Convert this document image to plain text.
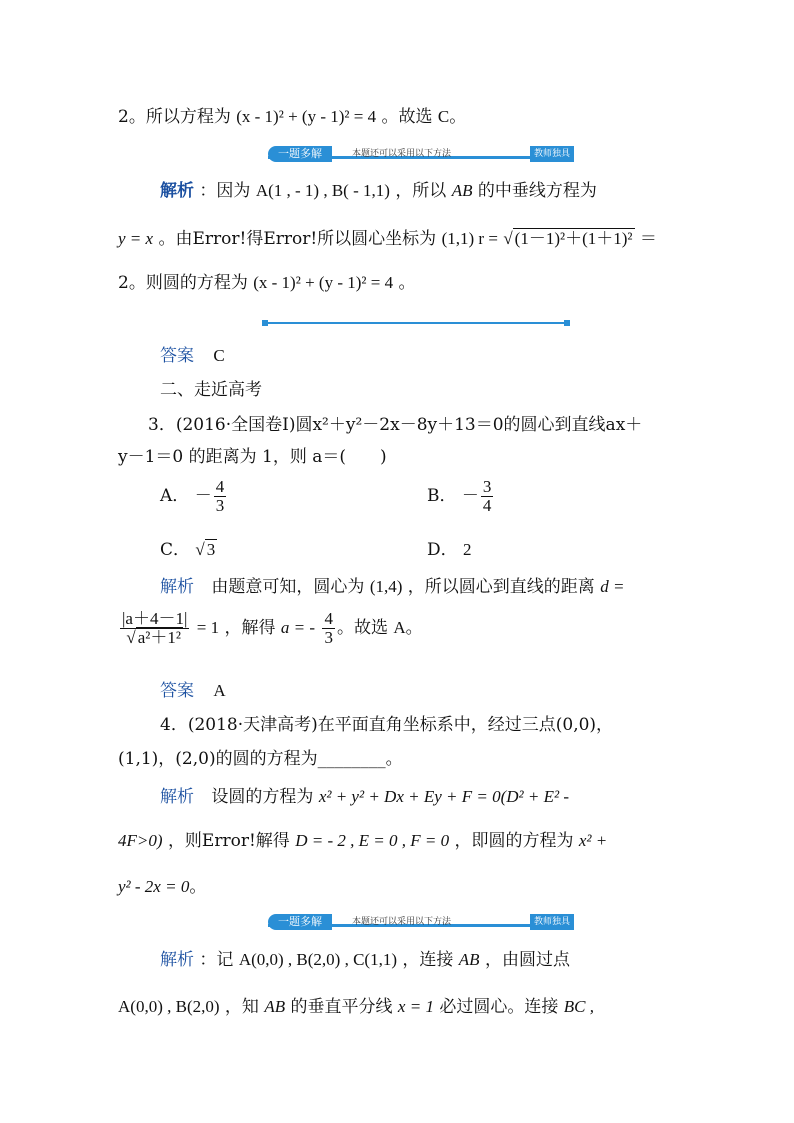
2。所以方程为 (x - 1)² + (y - 1)² = 4 。故选 C。
一题多解	本题还可以采用以下方法	教师独具
解析 ：因为 A(1 , - 1) , B( - 1,1) ，所以 AB 的中垂线方程为
y = x 。由Error!得Error!所以圆心坐标为 (1,1) r = √ (1－1)²＋(1＋1)² ＝
2。则圆的方程为 (x - 1)² + (y - 1)² = 4 。
答案 C
二、走近高考
3．(2016·全国卷Ⅰ)圆x²＋y²－2x－8y＋13＝0的圆心到直线ax＋
y－1＝0 的距离为 1，则 a＝(　　)
A． － $\frac{4}{3}$	B． － $\frac{3}{4}$
C． √ 3	D． 2
解析 由题意可知，圆心为 (1,4) ，所以圆心到直线的距离 d =
$\frac{|a+4-1|}{\text{√ a²＋1²}} = 1$ ，解得 a = - $\frac{4}{3}$ 。故选 A。
答案 A
4．(2018·天津高考)在平面直角坐标系中，经过三点(0,0)，
(1,1)，(2,0)的圆的方程为________。
解析 设圆的方程为 x² + y² + Dx + Ey + F = 0(D² + E² -
4F>0) ，则Error!解得 D = - 2 , E = 0 , F = 0 ，即圆的方程为 x² +
y² - 2x = 0。
一题多解	本题还可以采用以下方法	教师独具
解析 ：记 A(0,0) , B(2,0) , C(1,1) ，连接 AB ，由圆过点
A(0,0) , B(2,0) ，知 AB 的垂直平分线 x = 1 必过圆心。连接 BC ,
